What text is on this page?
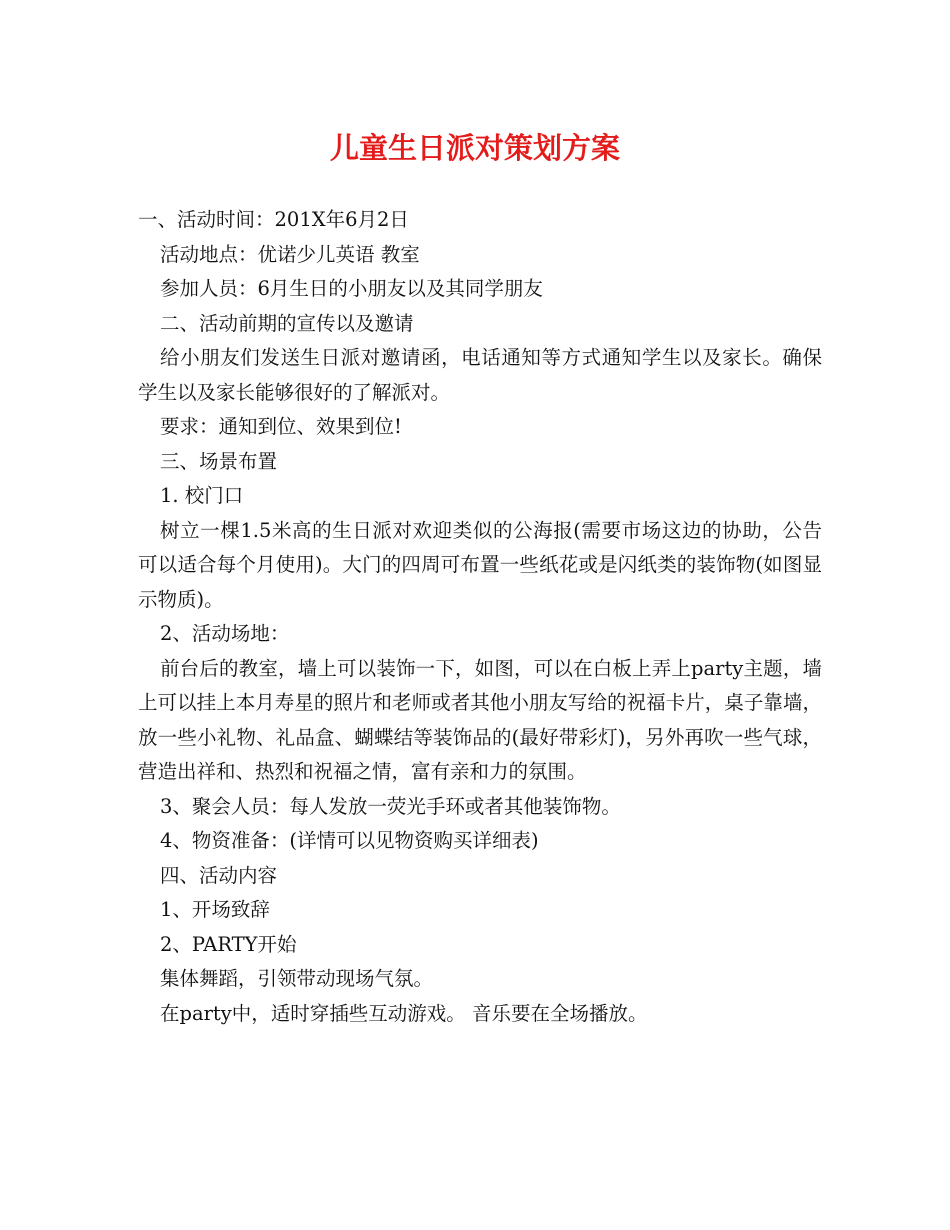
儿童生日派对策划方案

一、活动时间：201X年6月2日

活动地点：优诺少儿英语 教室

参加人员：6月生日的小朋友以及其同学朋友

二、活动前期的宣传以及邀请

给小朋友们发送生日派对邀请函，电话通知等方式通知学生以及家长。确保学生以及家长能够很好的了解派对。

要求：通知到位、效果到位!

三、场景布置

1. 校门口

树立一棵1.5米高的生日派对欢迎类似的公海报(需要市场这边的协助，公告可以适合每个月使用)。大门的四周可布置一些纸花或是闪纸类的装饰物(如图显示物质)。

2、活动场地：

前台后的教室，墙上可以装饰一下，如图，可以在白板上弄上party主题，墙上可以挂上本月寿星的照片和老师或者其他小朋友写给的祝福卡片，桌子靠墙，放一些小礼物、礼品盒、蝴蝶结等装饰品的(最好带彩灯)，另外再吹一些气球，营造出祥和、热烈和祝福之情，富有亲和力的氛围。

3、聚会人员：每人发放一荧光手环或者其他装饰物。

4、物资准备：(详情可以见物资购买详细表)

四、活动内容

1、开场致辞

2、PARTY开始

集体舞蹈，引领带动现场气氛。

在party中，适时穿插些互动游戏。 音乐要在全场播放。
